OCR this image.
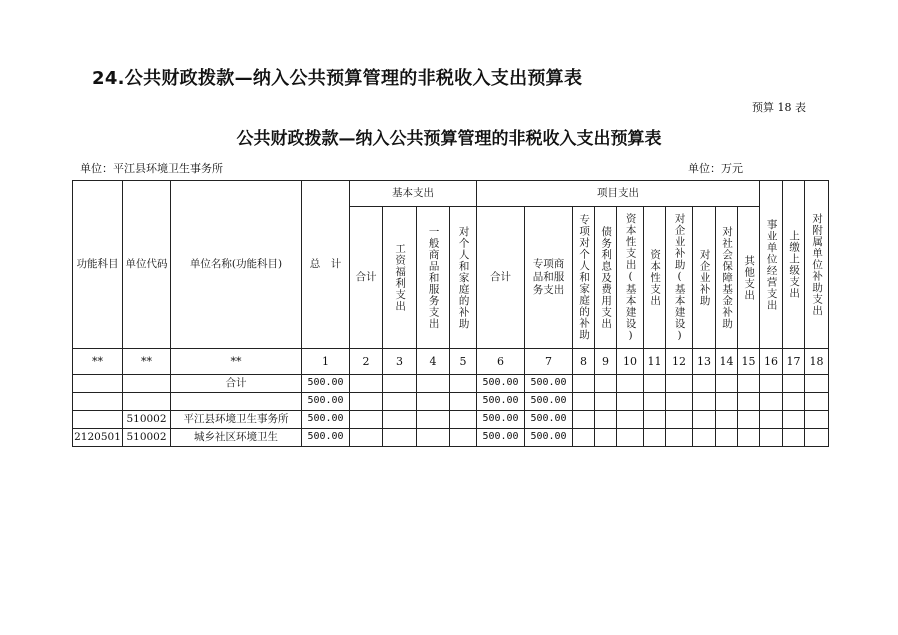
24.公共财政拨款—纳入公共预算管理的非税收入支出预算表
预算 18 表
公共财政拨款—纳入公共预算管理的非税收入支出预算表
单位：平江县环境卫生事务所	单位：万元
功能科目	单位代码	单位名称(功能科目)	总　计	基本支出				项目支出										事业单位经营支出	上缴上级支出	对附属单位补助支出

				合计	工资福利支出	一般商品和服务支出	对个人和家庭的补助	合计	专项商品和服务支出	专项对个人和家庭的补助	债务利息及费用支出	资本性支出(基本建设)	资本性支出	对企业补助(基本建设)	对企业补助	对社会保障基金补助	其他支出			

**	**	**	1	2	3	4	5	6	7	8	9	10	11	12	13	14	15	16	17	18
		合计	500.00					500.00	500.00											
			500.00					500.00	500.00											
	510002	平江县环境卫生事务所	500.00					500.00	500.00											
2120501	510002	城乡社区环境卫生	500.00					500.00	500.00											
